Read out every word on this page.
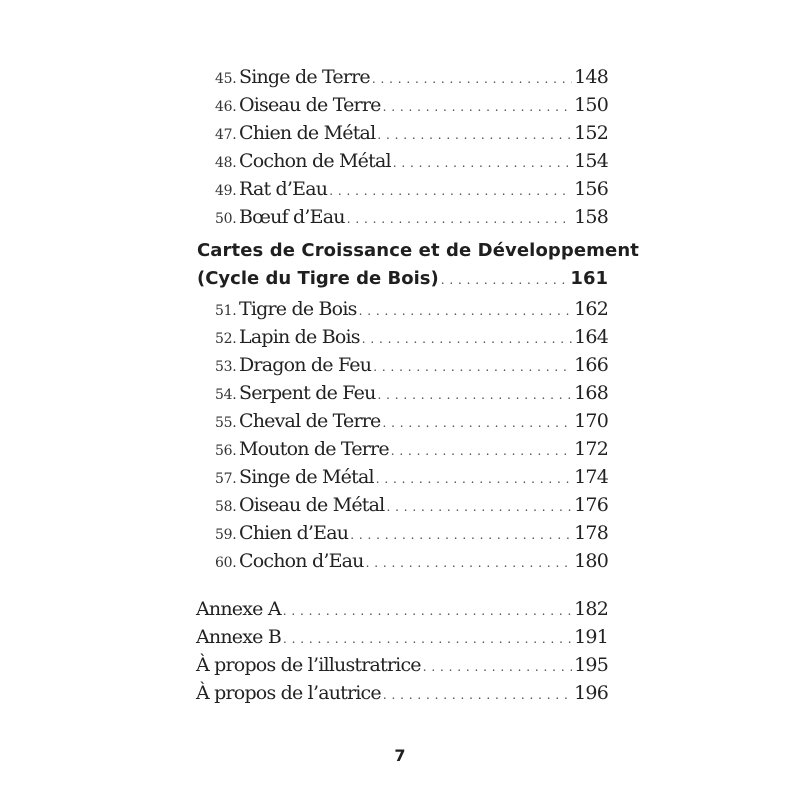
45. Singe de Terre . . .	148
46. Oiseau de Terre . . .	150
47. Chien de Métal . . .	152
48. Cochon de Métal . . .	154
49. Rat d’Eau . . .	156
50. Bœuf d’Eau . . .	158
Cartes de Croissance et de Développement
(Cycle du Tigre de Bois) . . .	161
51. Tigre de Bois . . .	162
52. Lapin de Bois . . .	164
53. Dragon de Feu . . .	166
54. Serpent de Feu . . .	168
55. Cheval de Terre . . .	170
56. Mouton de Terre . . .	172
57. Singe de Métal . . .	174
58. Oiseau de Métal . . .	176
59. Chien d’Eau . . .	178
60. Cochon d’Eau . . .	180
Annexe A . . .	182
Annexe B . . .	191
À propos de l’illustratrice . . .	195
À propos de l’autrice . . .	196
7
